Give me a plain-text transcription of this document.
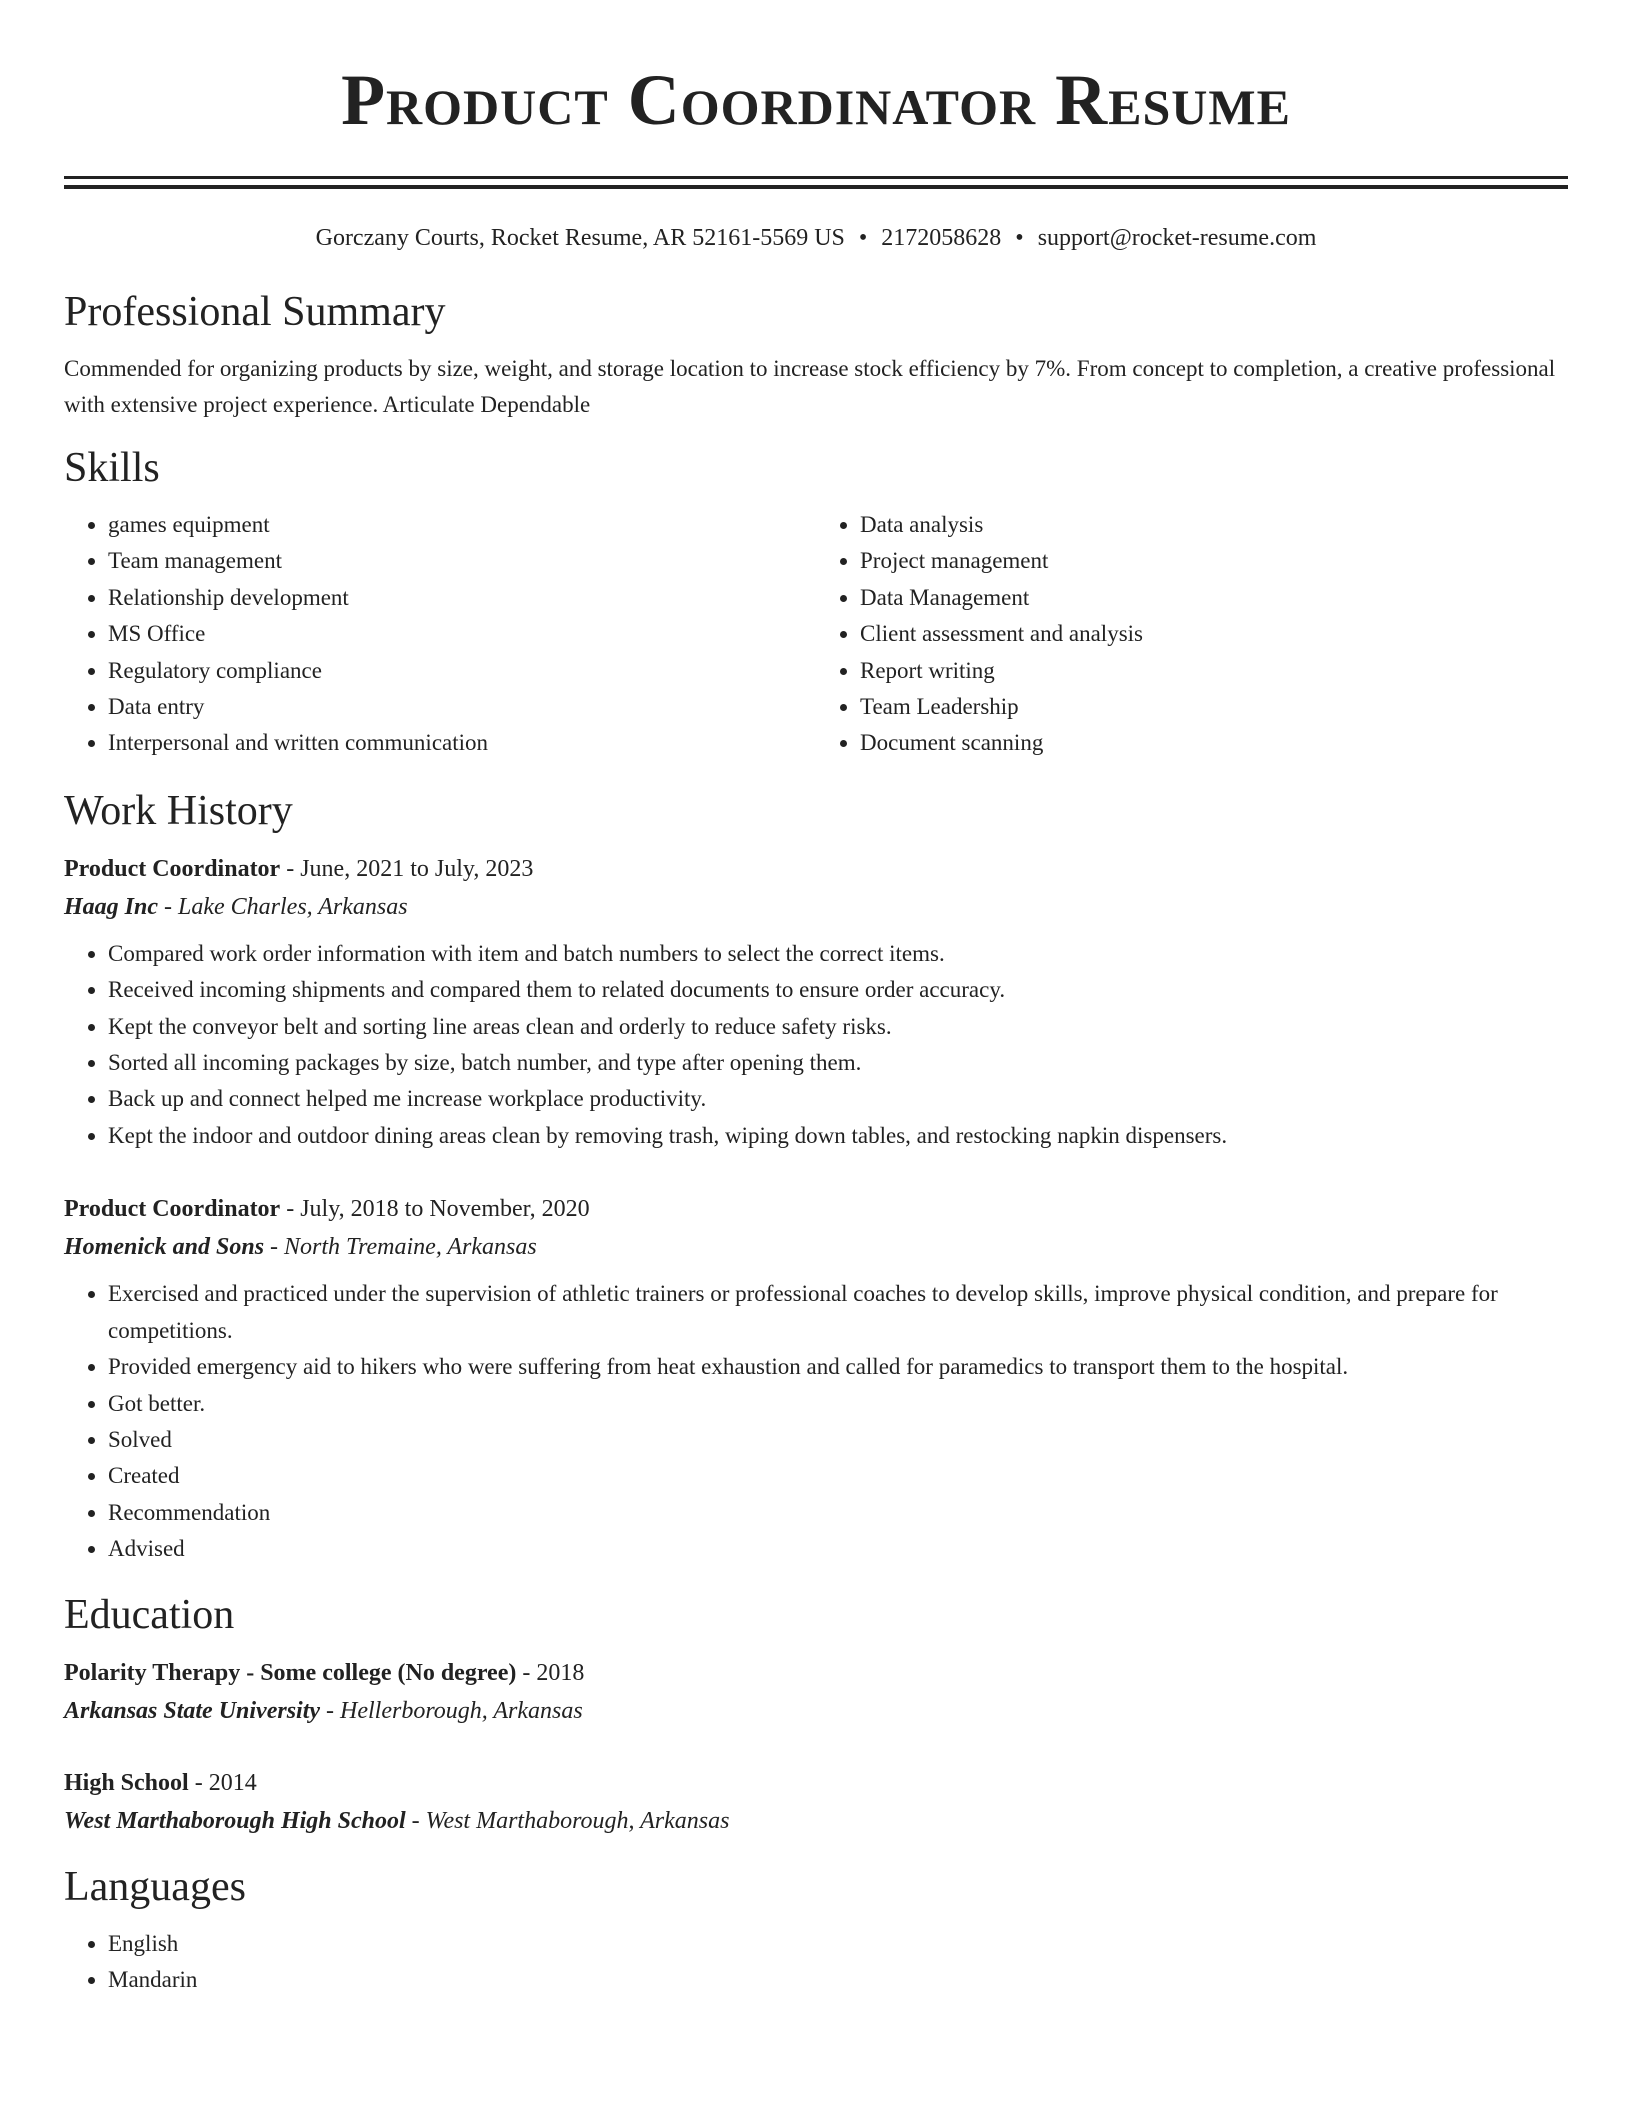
Product Coordinator Resume
Gorczany Courts, Rocket Resume, AR 52161-5569 US • 2172058628 • support@rocket-resume.com
Professional Summary
Commended for organizing products by size, weight, and storage location to increase stock efficiency by 7%. From concept to completion, a creative professional with extensive project experience. Articulate Dependable
Skills
• games equipment
• Team management
• Relationship development
• MS Office
• Regulatory compliance
• Data entry
• Interpersonal and written communication
• Data analysis
• Project management
• Data Management
• Client assessment and analysis
• Report writing
• Team Leadership
• Document scanning
Work History
Product Coordinator - June, 2021 to July, 2023
Haag Inc - Lake Charles, Arkansas
• Compared work order information with item and batch numbers to select the correct items.
• Received incoming shipments and compared them to related documents to ensure order accuracy.
• Kept the conveyor belt and sorting line areas clean and orderly to reduce safety risks.
• Sorted all incoming packages by size, batch number, and type after opening them.
• Back up and connect helped me increase workplace productivity.
• Kept the indoor and outdoor dining areas clean by removing trash, wiping down tables, and restocking napkin dispensers.
Product Coordinator - July, 2018 to November, 2020
Homenick and Sons - North Tremaine, Arkansas
• Exercised and practiced under the supervision of athletic trainers or professional coaches to develop skills, improve physical condition, and prepare for competitions.
• Provided emergency aid to hikers who were suffering from heat exhaustion and called for paramedics to transport them to the hospital.
• Got better.
• Solved
• Created
• Recommendation
• Advised
Education
Polarity Therapy - Some college (No degree) - 2018
Arkansas State University - Hellerborough, Arkansas
High School - 2014
West Marthaborough High School - West Marthaborough, Arkansas
Languages
• English
• Mandarin
